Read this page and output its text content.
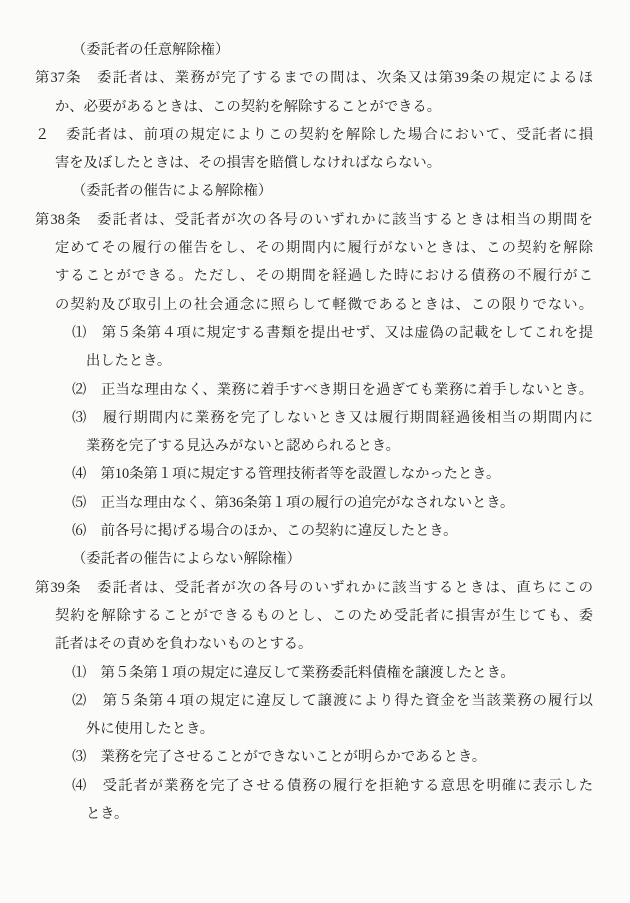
（委託者の任意解除権）
第37条　委託者は、業務が完了するまでの間は、次条又は第39条の規定によるほ
か、必要があるときは、この契約を解除することができる。
２　委託者は、前項の規定によりこの契約を解除した場合において、受託者に損
害を及ぼしたときは、その損害を賠償しなければならない。
（委託者の催告による解除権）
第38条　委託者は、受託者が次の各号のいずれかに該当するときは相当の期間を
定めてその履行の催告をし、その期間内に履行がないときは、この契約を解除
することができる。ただし、その期間を経過した時における債務の不履行がこ
の契約及び取引上の社会通念に照らして軽微であるときは、この限りでない。
⑴　第５条第４項に規定する書類を提出せず、又は虚偽の記載をしてこれを提
出したとき。
⑵　正当な理由なく、業務に着手すべき期日を過ぎても業務に着手しないとき。
⑶　履行期間内に業務を完了しないとき又は履行期間経過後相当の期間内に
業務を完了する見込みがないと認められるとき。
⑷　第10条第１項に規定する管理技術者等を設置しなかったとき。
⑸　正当な理由なく、第36条第１項の履行の追完がなされないとき。
⑹　前各号に掲げる場合のほか、この契約に違反したとき。
（委託者の催告によらない解除権）
第39条　委託者は、受託者が次の各号のいずれかに該当するときは、直ちにこの
契約を解除することができるものとし、このため受託者に損害が生じても、委
託者はその責めを負わないものとする。
⑴　第５条第１項の規定に違反して業務委託料債権を譲渡したとき。
⑵　第５条第４項の規定に違反して譲渡により得た資金を当該業務の履行以
外に使用したとき。
⑶　業務を完了させることができないことが明らかであるとき。
⑷　受託者が業務を完了させる債務の履行を拒絶する意思を明確に表示した
とき。
